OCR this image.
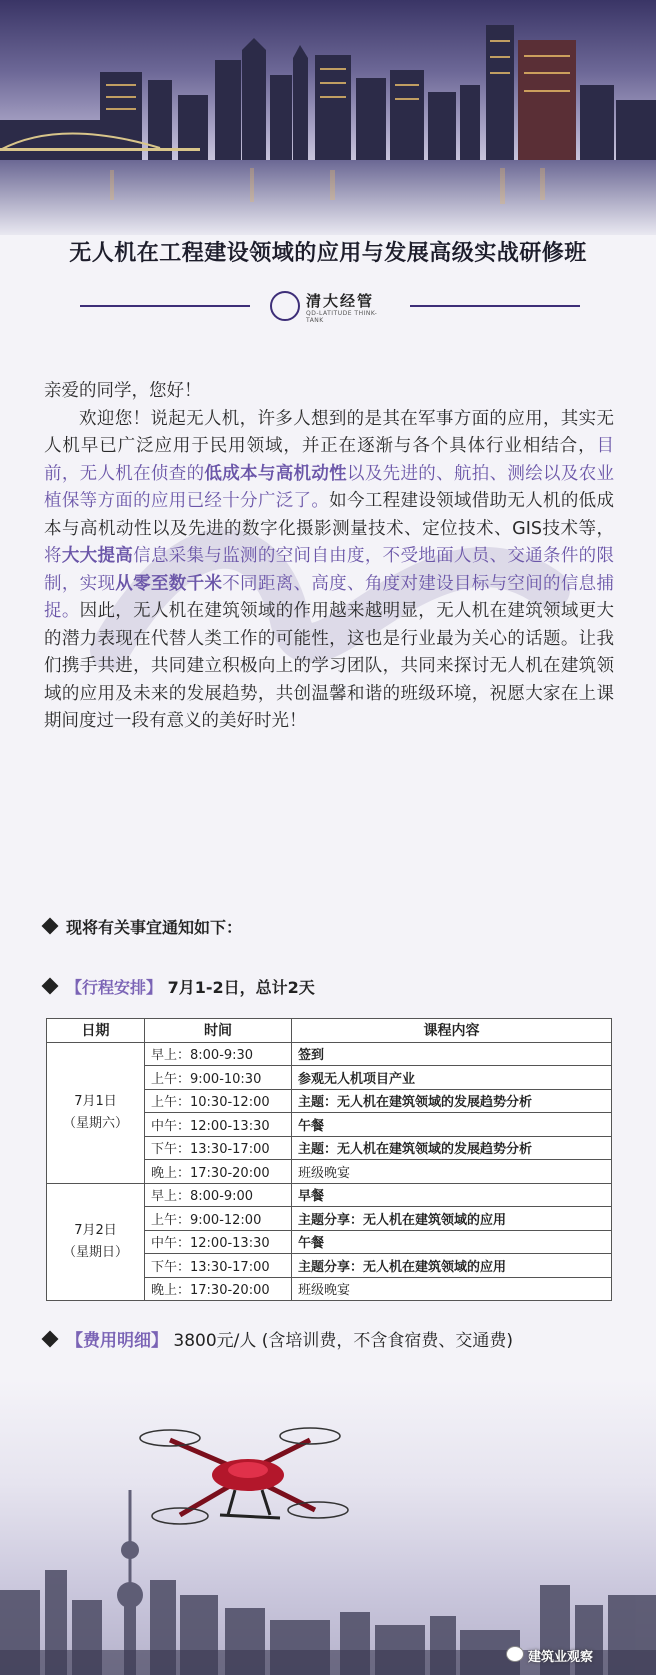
无人机在工程建设领域的应用与发展高级实战研修班
清大经管
QD-LATITUDE THINK-TANK

亲爱的同学，您好！

欢迎您！说起无人机，许多人想到的是其在军事方面的应用，其实无人机早已广泛应用于民用领域，并正在逐渐与各个具体行业相结合，目前，无人机在侦查的低成本与高机动性以及先进的、航拍、测绘以及农业植保等方面的应用已经十分广泛了。如今工程建设领域借助无人机的低成本与高机动性以及先进的数字化摄影测量技术、定位技术、GIS技术等，将大大提高信息采集与监测的空间自由度，不受地面人员、交通条件的限制，实现从零至数千米不同距离、高度、角度对建设目标与空间的信息捕捉。因此，无人机在建筑领域的作用越来越明显，无人机在建筑领域更大的潜力表现在代替人类工作的可能性，这也是行业最为关心的话题。让我们携手共进，共同建立积极向上的学习团队，共同来探讨无人机在建筑领域的应用及未来的发展趋势，共创温馨和谐的班级环境，祝愿大家在上课期间度过一段有意义的美好时光！

现将有关事宜通知如下：
【行程安排】 7月1-2日，总计2天
日期	时间	课程内容

7月1日
（星期六）	早上：8:00-9:30	签到
	上午：9:00-10:30	参观无人机项目产业
	上午：10:30-12:00	主题：无人机在建筑领域的发展趋势分析
	中午：12:00-13:30	午餐
	下午：13:30-17:00	主题：无人机在建筑领域的发展趋势分析
	晚上：17:30-20:00	班级晚宴

7月2日
（星期日）	早上：8:00-9:00	早餐
	上午：9:00-12:00	主题分享：无人机在建筑领域的应用
	中午：12:00-13:30	午餐
	下午：13:30-17:00	主题分享：无人机在建筑领域的应用
	晚上：17:30-20:00	班级晚宴
【费用明细】 3800元/人 (含培训费，不含食宿费、交通费)
建筑业观察
